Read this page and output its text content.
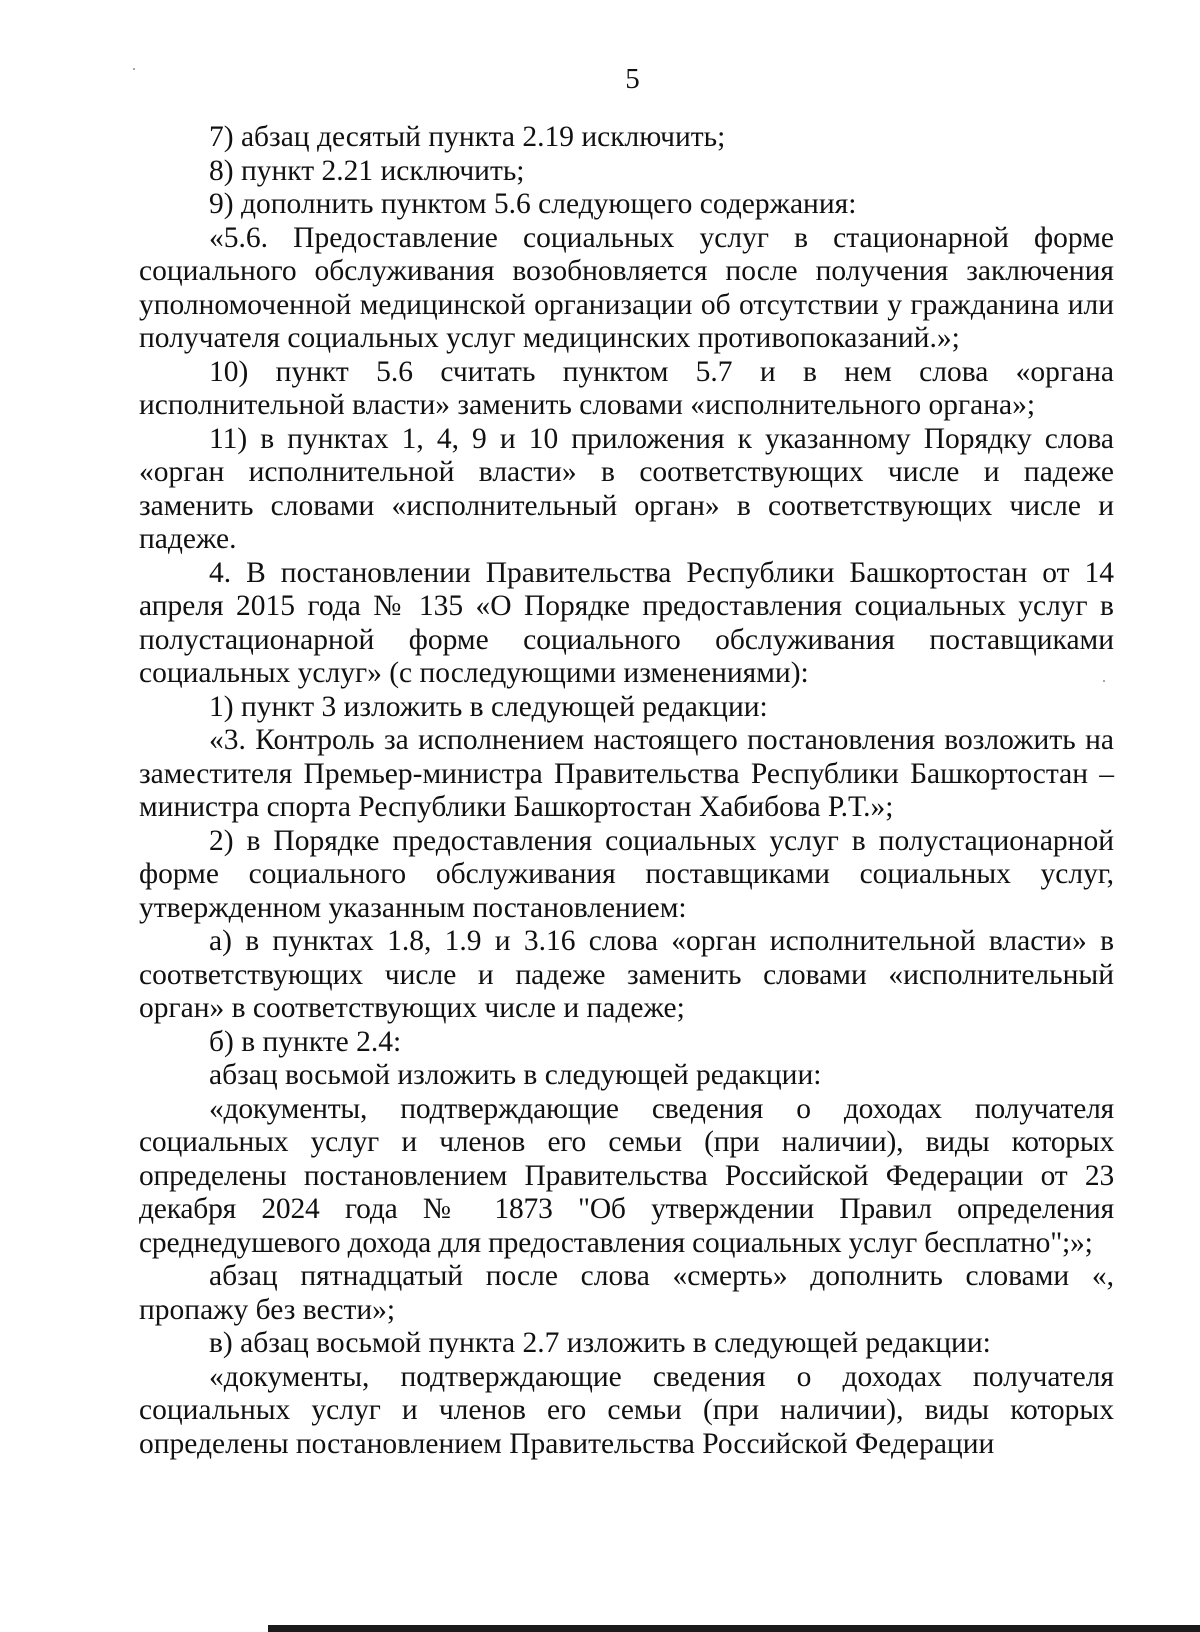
5

7) абзац десятый пункта 2.19 исключить;

8) пункт 2.21 исключить;

9) дополнить пунктом 5.6 следующего содержания:

«5.6. Предоставление социальных услуг в стационарной форме социального обслуживания возобновляется после получения заключения уполномоченной медицинской организации об отсутствии у гражданина или получателя социальных услуг медицинских противопоказаний.»;

10) пункт 5.6 считать пунктом 5.7 и в нем слова «органа исполнительной власти» заменить словами «исполнительного органа»;

11) в пунктах 1, 4, 9 и 10 приложения к указанному Порядку слова «орган исполнительной власти» в соответствующих числе и падеже заменить словами «исполнительный орган» в соответствующих числе и падеже.

4. В постановлении Правительства Республики Башкортостан от 14 апреля 2015 года № 135 «О Порядке предоставления социальных услуг в полустационарной форме социального обслуживания поставщиками социальных услуг» (с последующими изменениями):

1) пункт 3 изложить в следующей редакции:

«3. Контроль за исполнением настоящего постановления возложить на заместителя Премьер-министра Правительства Республики Башкортостан – министра спорта Республики Башкортостан Хабибова Р.Т.»;

2) в Порядке предоставления социальных услуг в полустационарной форме социального обслуживания поставщиками социальных услуг, утвержденном указанным постановлением:

а) в пунктах 1.8, 1.9 и 3.16 слова «орган исполнительной власти» в соответствующих числе и падеже заменить словами «исполнительный орган» в соответствующих числе и падеже;

б) в пункте 2.4:

абзац восьмой изложить в следующей редакции:

«документы, подтверждающие сведения о доходах получателя социальных услуг и членов его семьи (при наличии), виды которых определены постановлением Правительства Российской Федерации от 23 декабря 2024 года № 1873 "Об утверждении Правил определения среднедушевого дохода для предоставления социальных услуг бесплатно";»;

абзац пятнадцатый после слова «смерть» дополнить словами «, пропажу без вести»;

в) абзац восьмой пункта 2.7 изложить в следующей редакции:

«документы, подтверждающие сведения о доходах получателя социальных услуг и членов его семьи (при наличии), виды которых определены постановлением Правительства Российской Федерации
